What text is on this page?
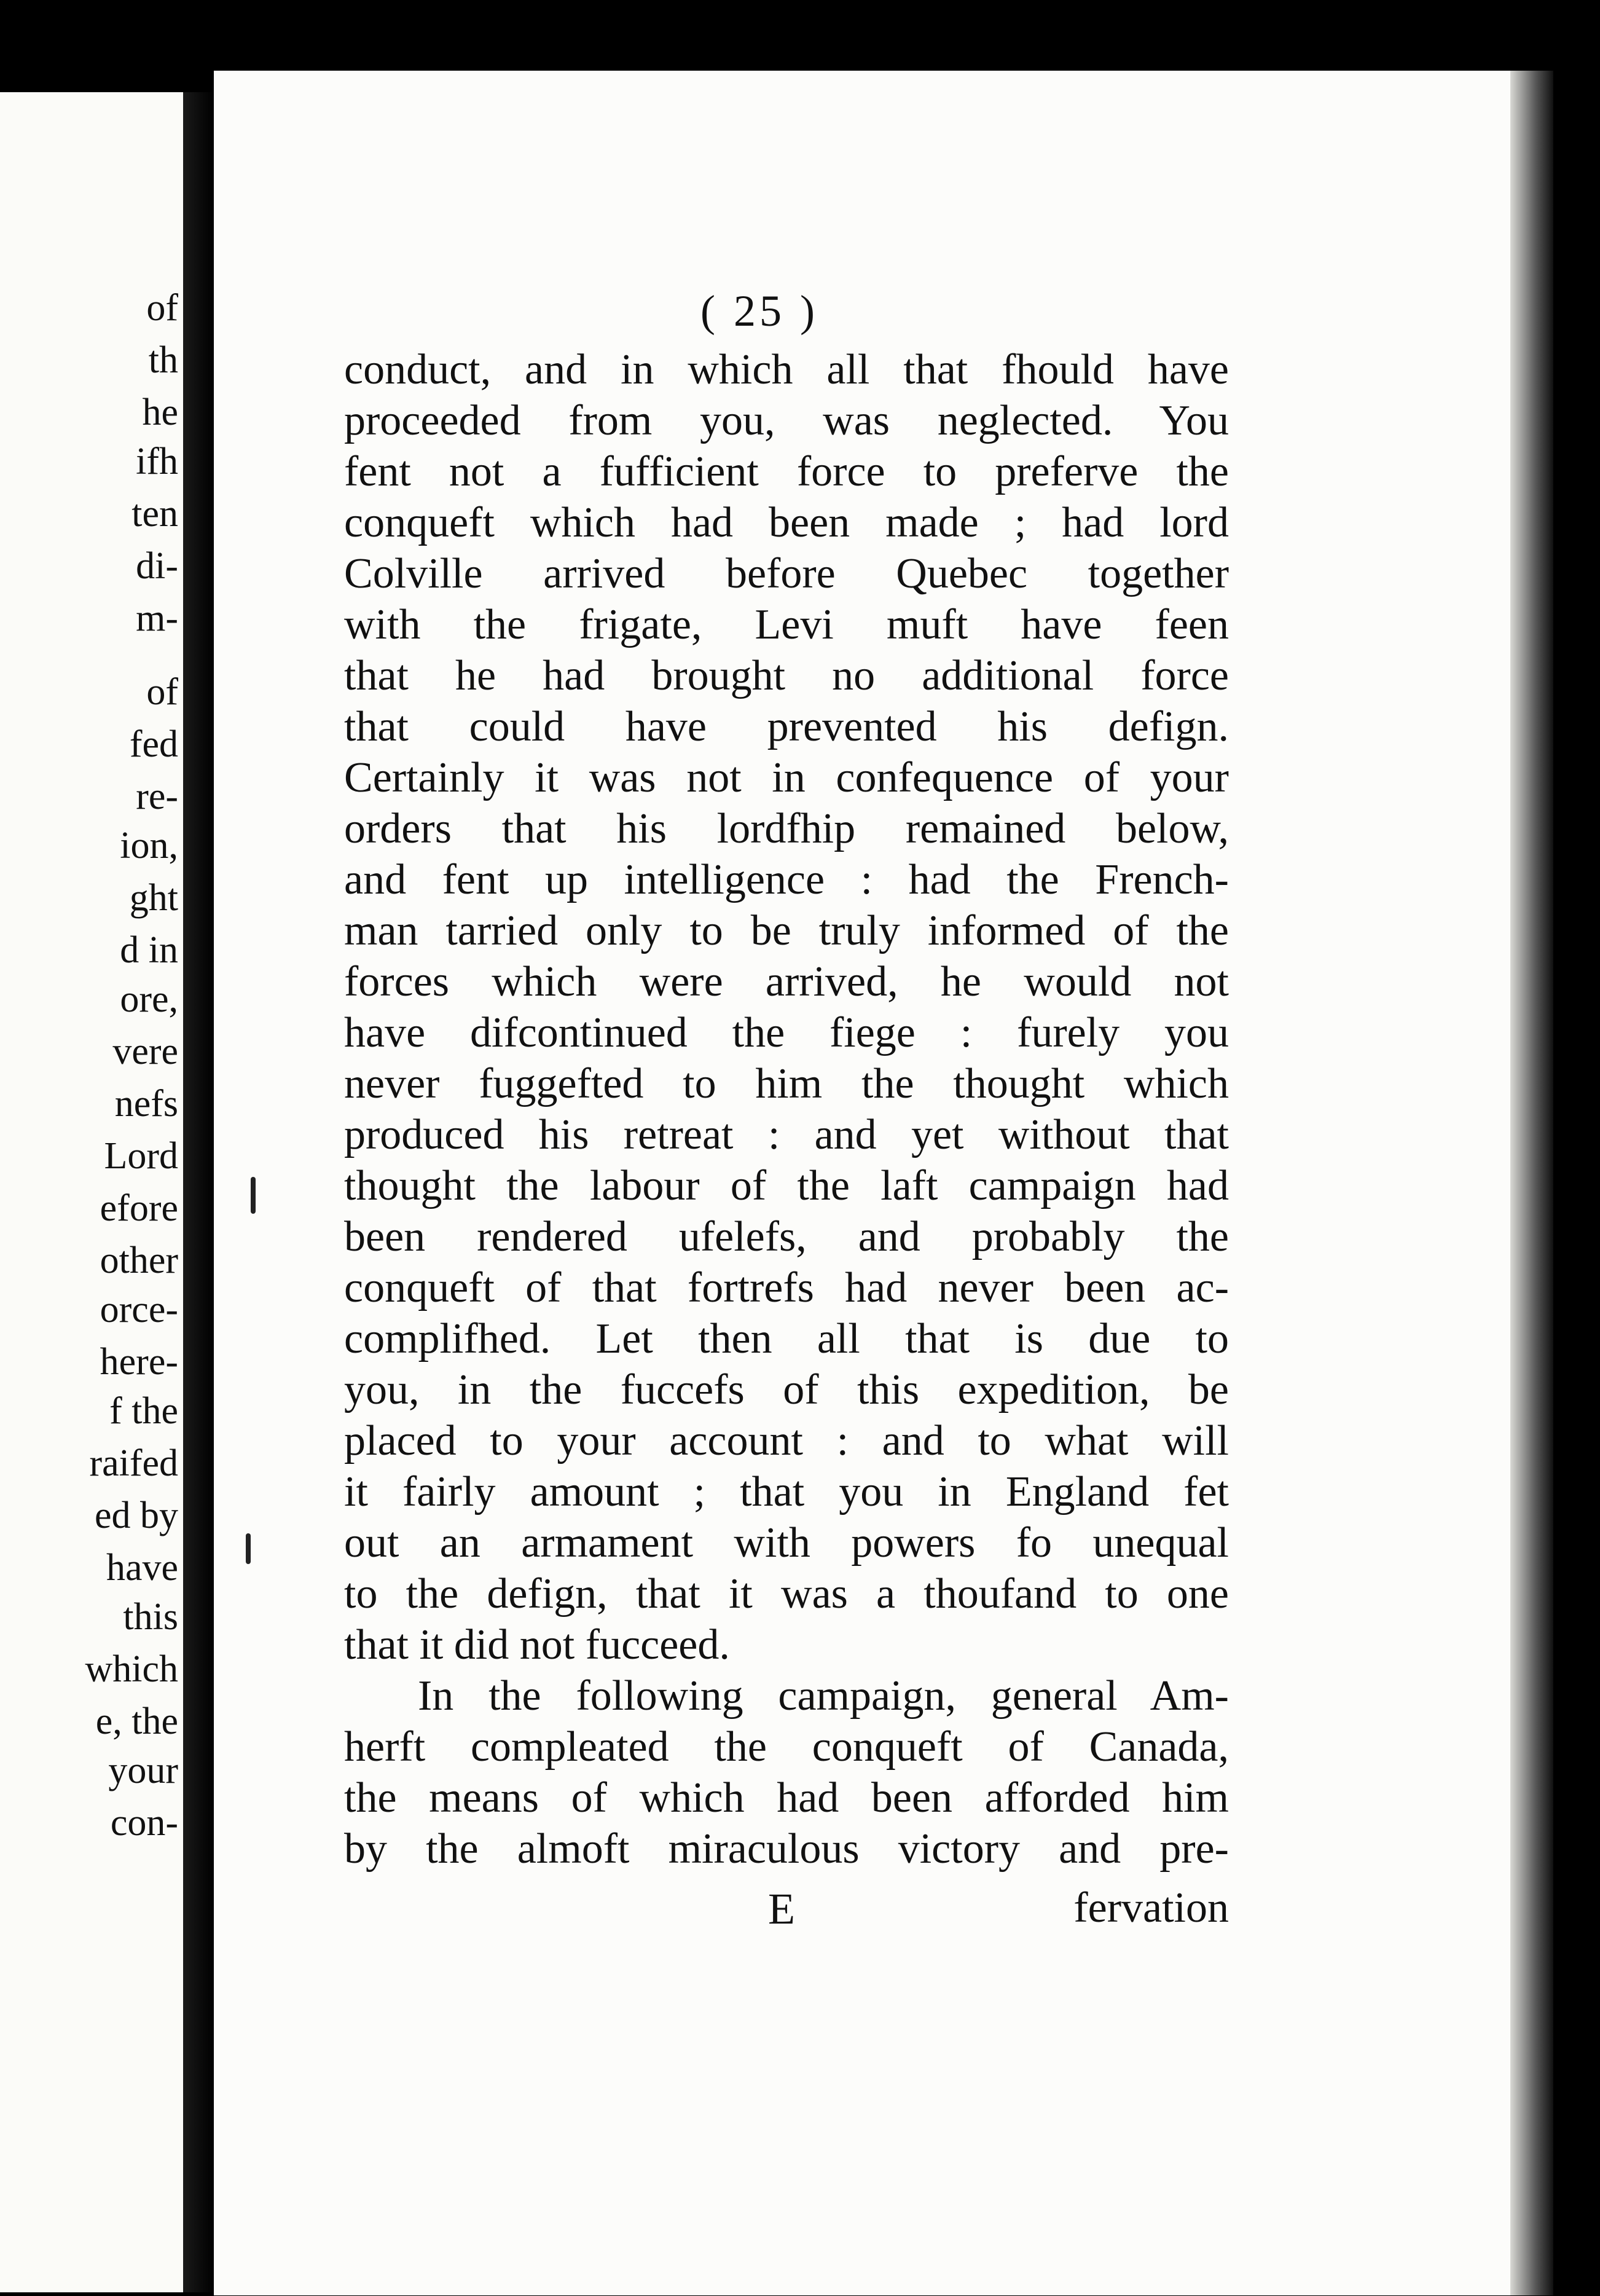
of
th
he
ifh
ten
di-
m-
of
fed
re-
ion,
ght
d in
ore,
vere
nefs
Lord
efore
other
orce-
here-
f the
raifed
ed by
have
this
which
e, the
your
con-
( 25 )
conduct, and in which all that fhould have
proceeded from you, was neglected. You
fent not a fufficient force to preferve the
conqueft which had been made ; had lord
Colville arrived before Quebec together
with the frigate, Levi muft have feen
that he had brought no additional force
that could have prevented his defign.
Certainly it was not in confequence of your
orders that his lordfhip remained below,
and fent up intelligence : had the French-
man tarried only to be truly informed of the
forces which were arrived, he would not
have difcontinued the fiege : furely you
never fuggefted to him the thought which
produced his retreat : and yet without that
thought the labour of the laft campaign had
been rendered ufelefs, and probably the
conqueft of that fortrefs had never been ac-
complifhed. Let then all that is due to
you, in the fuccefs of this expedition, be
placed to your account : and to what will
it fairly amount ; that you in England fet
out an armament with powers fo unequal
to the defign, that it was a thoufand to one
that it did not fucceed.
In the following campaign, general Am-
herft compleated the conqueft of Canada,
the means of which had been afforded him
by the almoft miraculous victory and pre-
E	fervation
